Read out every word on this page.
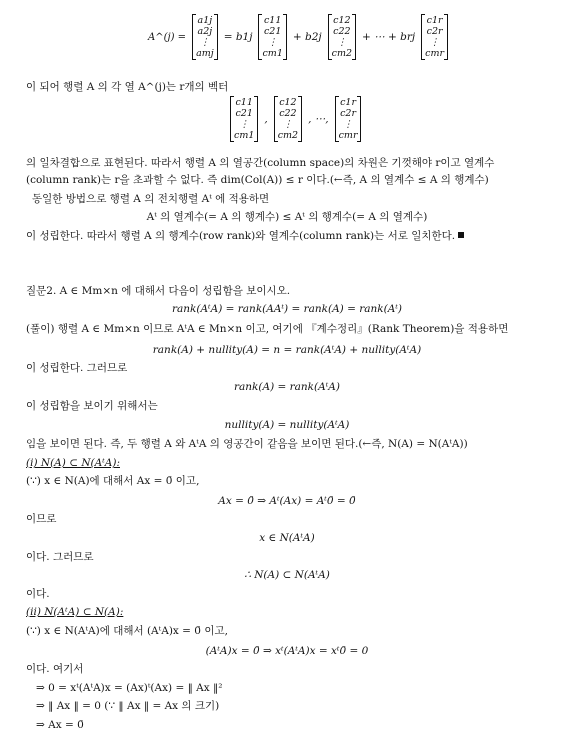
A^(j) =
a1j
a2j
⋮
amj
= b1j
c11
c21
⋮
cm1
+ b2j
c12
c22
⋮
cm2
+ ⋯ + brj
c1r
c2r
⋮
cmr
이 되어 행렬 A 의 각 열 A^(j)는 r개의 벡터
c11
c21
⋮
cm1
,
c12
c22
⋮
cm2
, ⋯,
c1r
c2r
⋮
cmr
의 일차결합으로 표현된다. 따라서 행렬 A 의 열공간(column space)의 차원은 기껏해야 r이고 열계수
(column rank)는 r을 초과할 수 없다. 즉 dim(Col(A)) ≤ r 이다.(←즉, A 의 열계수 ≤ A 의 행계수)
동일한 방법으로 행렬 A 의 전치행렬 Aᵗ 에 적용하면
Aᵗ 의 열계수(= A 의 행계수) ≤ Aᵗ 의 행계수(= A 의 열계수)
이 성립한다. 따라서 행렬 A 의 행계수(row rank)와 열계수(column rank)는 서로 일치한다.
질문2. A ∈ Mm×n 에 대해서 다음이 성립함을 보이시오.
rank(AᵗA) = rank(AAᵗ) = rank(A) = rank(Aᵗ)
(풀이) 행렬 A ∈ Mm×n 이므로 AᵗA ∈ Mn×n 이고, 여기에 『계수정리』(Rank Theorem)을 적용하면
rank(A) + nullity(A) = n = rank(AᵗA) + nullity(AᵗA)
이 성립한다. 그러므로
rank(A) = rank(AᵗA)
이 성립함을 보이기 위해서는
nullity(A) = nullity(AᵗA)
임을 보이면 된다. 즉, 두 행렬 A 와 AᵗA 의 영공간이 같음을 보이면 된다.(←즉, N(A) = N(AᵗA))
(i) N(A) ⊂ N(AᵗA):
(∵) x ∈ N(A)에 대해서 Ax = 0̄ 이고,
Ax = 0̄ ⇒ Aᵗ(Ax) = Aᵗ0̄ = 0̄
이므로
x ∈ N(AᵗA)
이다. 그러므로
∴ N(A) ⊂ N(AᵗA)
이다.
(ii) N(AᵗA) ⊂ N(A):
(∵) x ∈ N(AᵗA)에 대해서 (AᵗA)x = 0̄ 이고,
(AᵗA)x = 0̄ ⇒ xᵗ(AᵗA)x = xᵗ0̄ = 0
이다. 여기서
⇒ 0 = xᵗ(AᵗA)x = (Ax)ᵗ(Ax) = ‖ Ax ‖²
⇒ ‖ Ax ‖ = 0 (∵ ‖ Ax ‖ = Ax 의 크기)
⇒ Ax = 0̄
